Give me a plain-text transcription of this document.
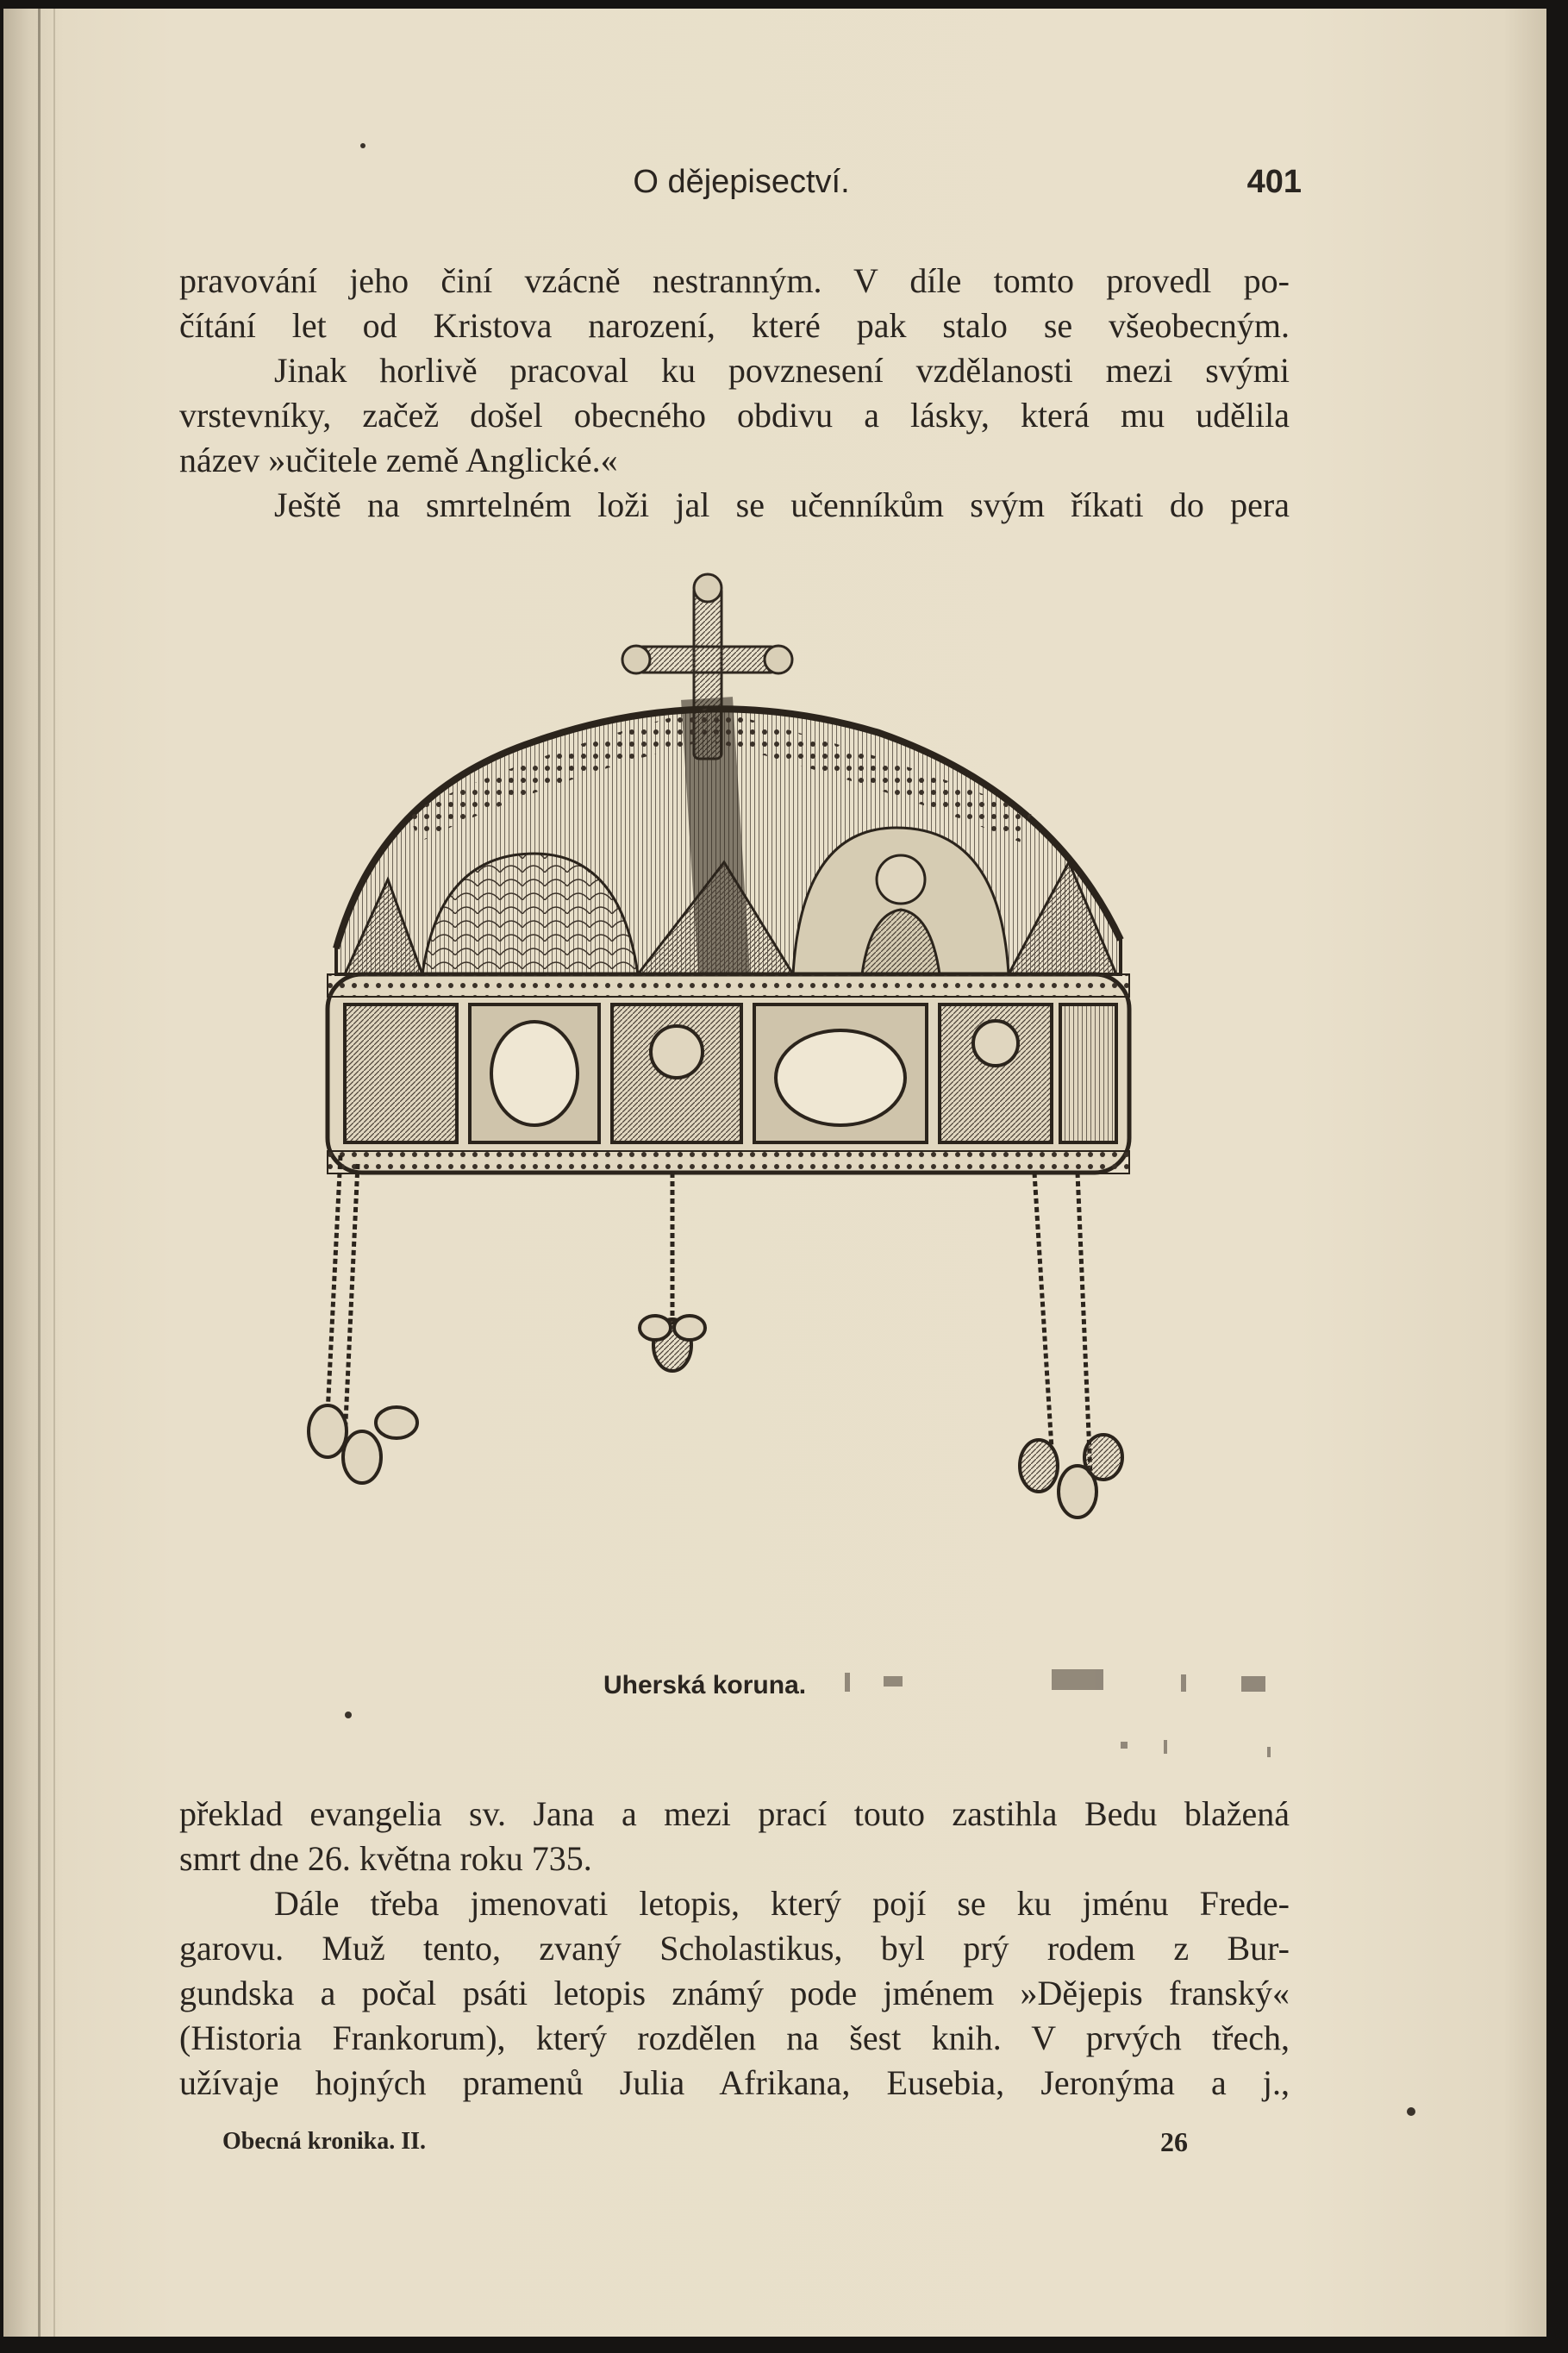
O dějepisectví.	401
pravování jeho činí vzácně nestranným. V díle tomto provedl po-
čítání let od Kristova narození, které pak stalo se všeobecným.
Jinak horlivě pracoval ku povznesení vzdělanosti mezi svými
vrstevníky, začež došel obecného obdivu a lásky, která mu udělila
název »učitele země Anglické.«
Ještě na smrtelném loži jal se učenníkům svým říkati do pera
Uherská koruna.
překlad evangelia sv. Jana a mezi prací touto zastihla Bedu blažená
smrt dne 26. května roku 735.
Dále třeba jmenovati letopis, který pojí se ku jménu Frede-
garovu. Muž tento, zvaný Scholastikus, byl prý rodem z Bur-
gundska a počal psáti letopis známý pode jménem »Dějepis franský«
(Historia Frankorum), který rozdělen na šest knih. V prvých třech,
užívaje hojných pramenů Julia Afrikana, Eusebia, Jeronýma a j.,
Obecná kronika. II.	26
